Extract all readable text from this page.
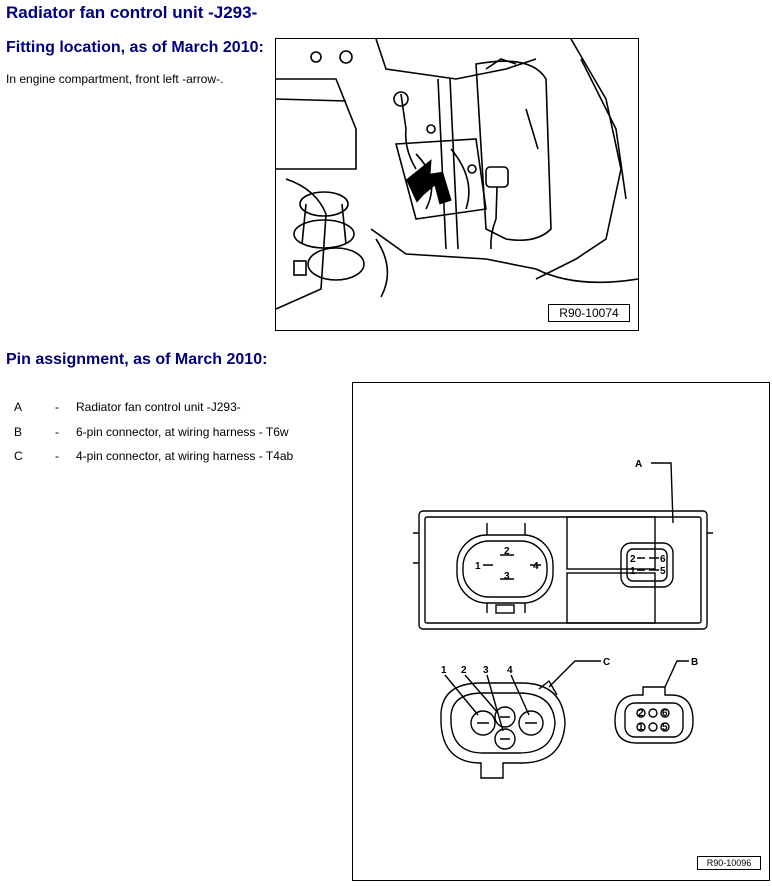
Radiator fan control unit -J293-
Fitting location, as of March 2010:
In engine compartment, front left -arrow-.
R90-10074
Pin assignment, as of March 2010:
A	- Radiator fan control unit -J293-
B	- 6-pin connector, at wiring harness - T6w
C	- 4-pin connector, at wiring harness - T4ab
A
C	B
1
2
3
4
2
1
6
5
1 2 3 4
2 6
1 5
R90-10096
